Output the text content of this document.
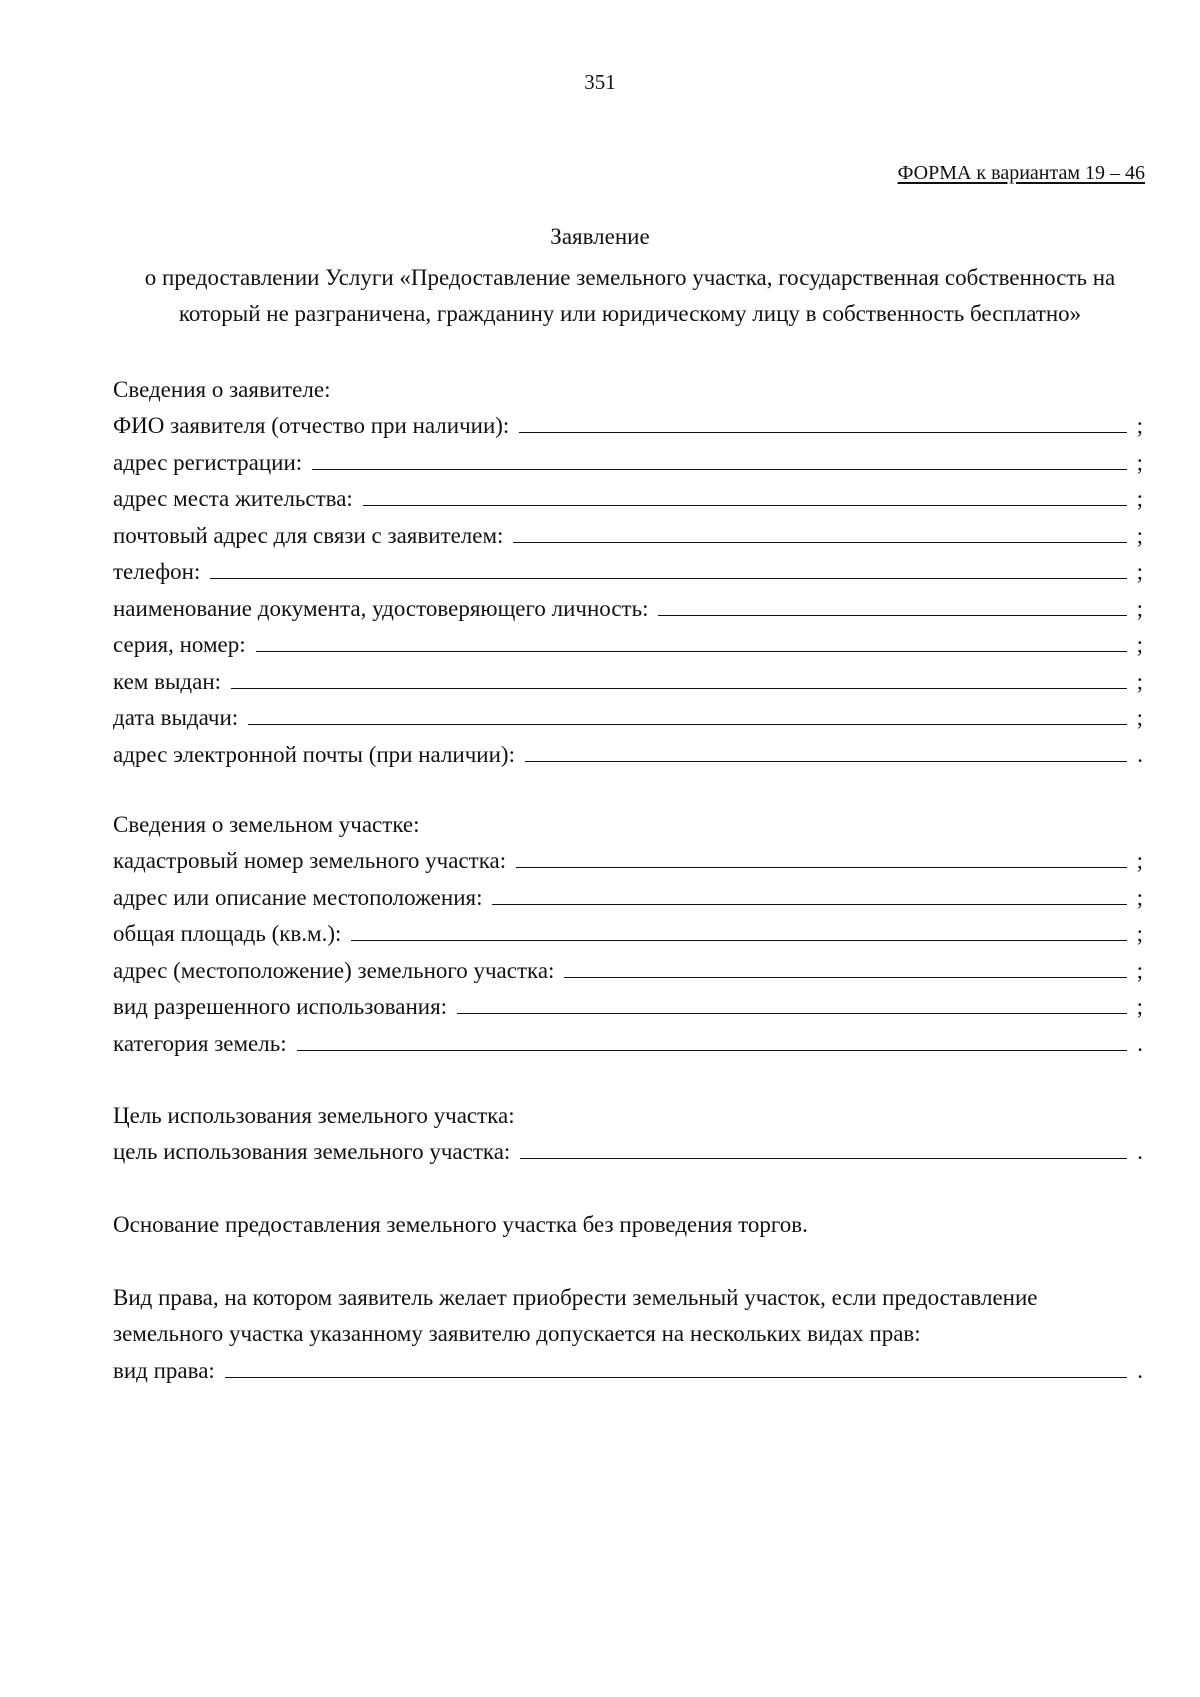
351
ФОРМА к вариантам 19 – 46
Заявление
о предоставлении Услуги «Предоставление земельного участка, государственная собственность на
который не разграничена, гражданину или юридическому лицу в собственность бесплатно»
Сведения о заявителе:
ФИО заявителя (отчество при наличии):	;
адрес регистрации:	;
адрес места жительства:	;
почтовый адрес для связи с заявителем:	;
телефон:	;
наименование документа, удостоверяющего личность:	;
серия, номер:	;
кем выдан:	;
дата выдачи:	;
адрес электронной почты (при наличии):	.
Сведения о земельном участке:
кадастровый номер земельного участка:	;
адрес или описание местоположения:	;
общая площадь (кв.м.):	;
адрес (местоположение) земельного участка:	;
вид разрешенного использования:	;
категория земель:	.
Цель использования земельного участка:
цель использования земельного участка:	.
Основание предоставления земельного участка без проведения торгов.
Вид права, на котором заявитель желает приобрести земельный участок, если предоставление
земельного участка указанному заявителю допускается на нескольких видах прав:
вид права:	.
